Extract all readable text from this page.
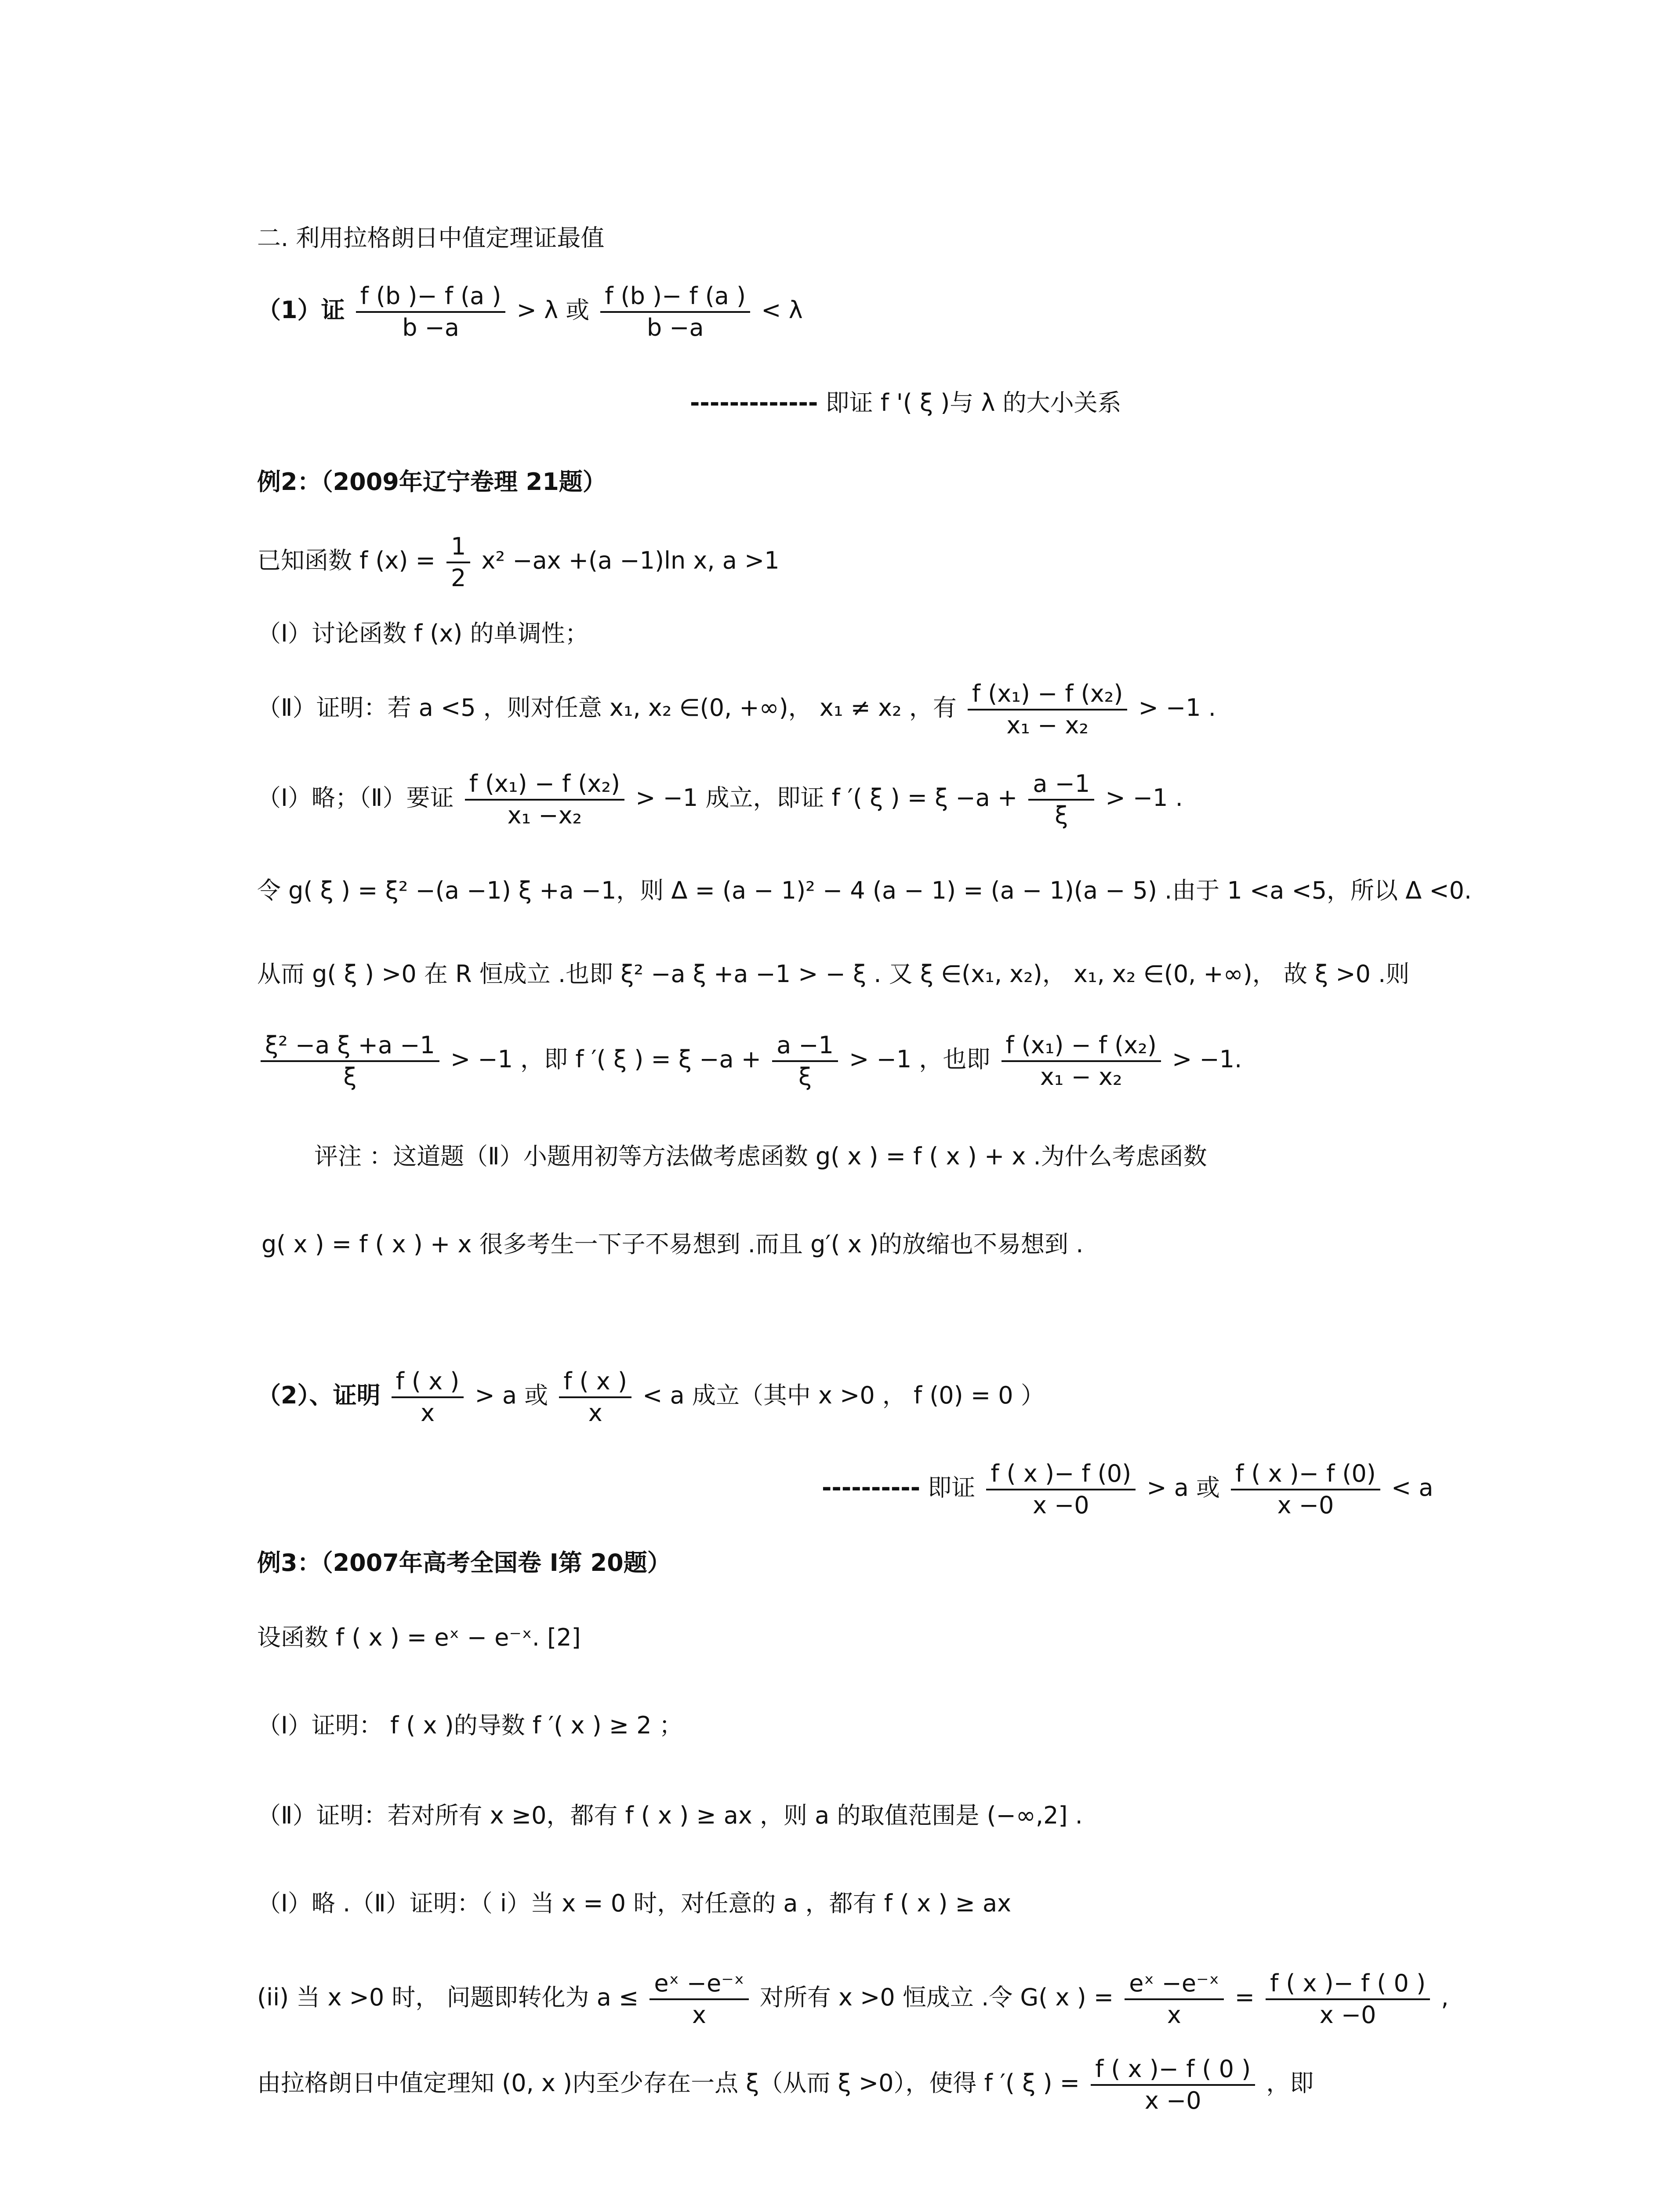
二. 利用拉格朗日中值定理证最值
（1）证 $\frac{f (b )- f (a )}{b -a} > \lambda$ 或 $\frac{f (b )- f (a )}{b -a} < \lambda$
------------- 即证 f '( ξ )与 λ 的大小关系
例2：（2009年辽宁卷理 21题）
已知函数 f $(x) = \frac{1}{2} x^2 -ax +(a -1)\ln$ x, a >1
（Ⅰ）讨论函数 f (x) 的单调性；
（Ⅱ）证明：若 a <5 ，则对任意 x₁, x₂ ∈(0, +∞)， x₁ ≠ x₂ ，有 $\frac{\text{f (x₁) − f (x₂)}}{\text{x₁ − x₂}} > -1$ .
（Ⅰ）略；（Ⅱ）要证 $\frac{\text{f (x₁) − f (x₂)}}{\text{x₁ −x₂}} > -1$ 成立，即证 f ′( ξ ) = $\xi -a + \frac{a -1}{\xi} > -1$ .
令 g( ξ ) = ξ² −(a −1) ξ +a −1，则 Δ = (a − 1)² − 4 (a − 1) = (a − 1)(a − 5) .由于 1 <a <5，所以 Δ <0.
从而 g( ξ ) >0 在 R 恒成立 .也即 ξ² −a ξ +a −1 > − ξ . 又 ξ ∈(x₁, x₂)， x₁, x₂ ∈(0, +∞)， 故 ξ >0 .则
$\frac{\text{ξ² −a ξ +a −1}}{\xi} > -1$ ，即 f ′( ξ ) = $\xi -a + \frac{a -1}{\xi} > -1$ ，也即 $\frac{\text{f (x₁) − f (x₂)}}{\text{x₁ − x₂}} > -1$.
评注 ：这道题（Ⅱ）小题用初等方法做考虑函数 g( x ) = f ( x ) + x .为什么考虑函数
g( x ) = f ( x ) + x 很多考生一下子不易想到 .而且 g′( x )的放缩也不易想到 .
（2）、证明 $\frac{f ( x )}{x} > a$ 或 $\frac{f ( x )}{x} < a$ 成立（其中 x >0 ， f (0) = 0 ）
---------- 即证 $\frac{f ( x )- f (0)}{x -0} > a$ 或 $\frac{f ( x )- f (0)}{x -0} < a$
例3：（2007年高考全国卷 Ⅰ第 20题）
设函数 f ( x ) = eˣ − e⁻ˣ. [2]
（Ⅰ）证明： f ( x )的导数 f ′( x ) ≥ 2 ；
（Ⅱ）证明：若对所有 x ≥0，都有 f ( x ) ≥ ax ，则 a 的取值范围是 (−∞,2] .
（Ⅰ）略 .（Ⅱ）证明：（ i）当 x = 0 时，对任意的 a ，都有 f ( x ) ≥ ax
(ii) 当 x >0 时， 问题即转化为 $a \le \frac{\text{eˣ −e⁻ˣ}}{x}$ 对所有 x >0 恒成立 .令 G( x ) = $\frac{\text{eˣ −e⁻ˣ}}{x} = \frac{f ( x )- f ( 0 )}{x -0}$ ,
由拉格朗日中值定理知 (0, x )内至少存在一点 ξ（从而 ξ >0），使得 f ′( ξ ) = $\frac{f ( x )- f ( 0 )}{x -0}$ ，即
